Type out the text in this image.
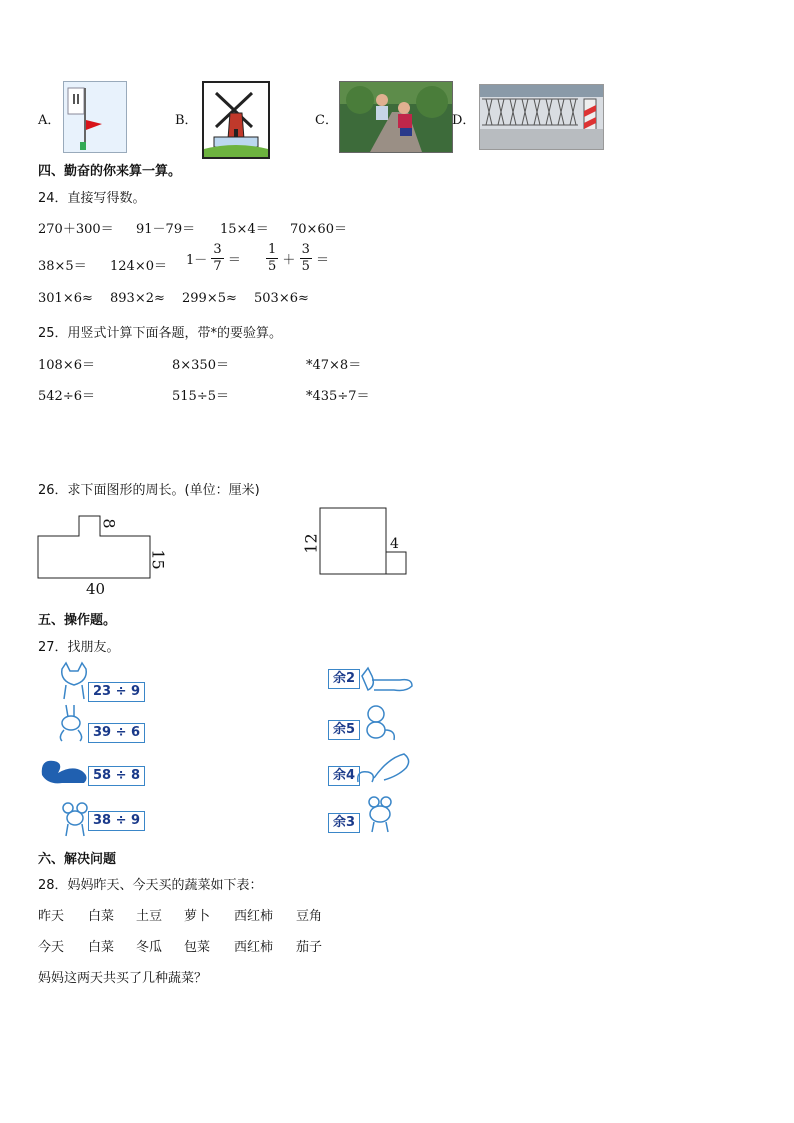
A．	B．	C．	D．
四、勤奋的你来算一算。
24．直接写得数。
270＋300＝ 91－79＝ 15×4＝ 70×60＝
$38\times 5= 124\times 0= 1- \frac{3}{7} = \frac{1}{5} + \frac{3}{5}$ ＝
301×6≈ 893×2≈ 299×5≈ 503×6≈
25．用竖式计算下面各题，带*的要验算。
108×6＝	8×350＝	*47×8＝
542÷6＝	515÷5＝	*435÷7＝
26．求下面图形的周长。(单位：厘米)
8
15
40
12	4
五、操作题。
27．找朋友。
23 ÷ 9
39 ÷ 6
58 ÷ 8
38 ÷ 9
余2
余5
余4
余3
六、解决问题
28．妈妈昨天、今天买的蔬菜如下表：
昨天 白菜 土豆 萝卜 西红柿 豆角
今天 白菜 冬瓜 包菜 西红柿 茄子
妈妈这两天共买了几种蔬菜？
